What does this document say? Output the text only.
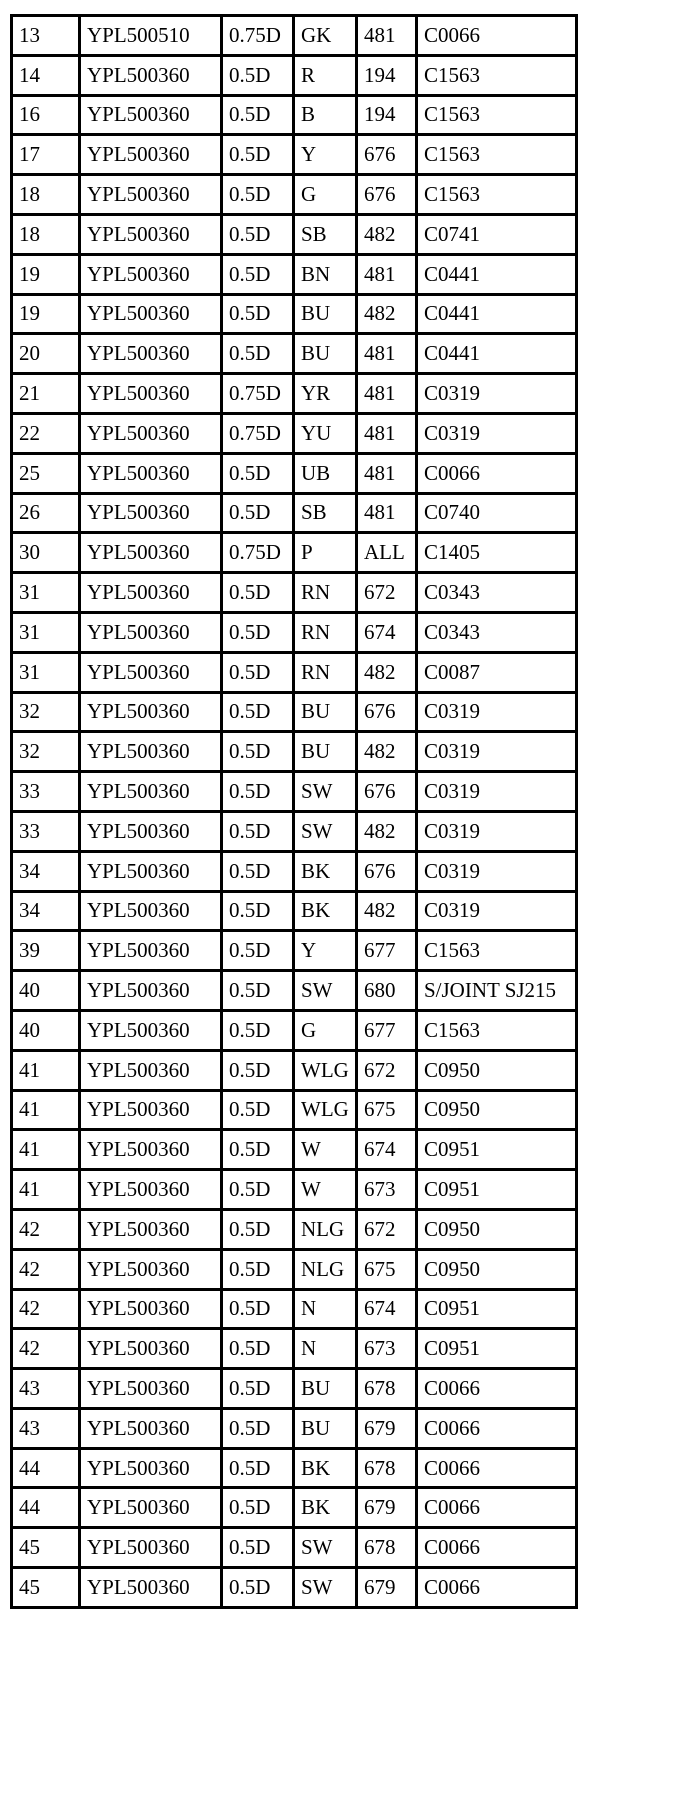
13	YPL500510	0.75D	GK	481	C0066
14	YPL500360	0.5D	R	194	C1563
16	YPL500360	0.5D	B	194	C1563
17	YPL500360	0.5D	Y	676	C1563
18	YPL500360	0.5D	G	676	C1563
18	YPL500360	0.5D	SB	482	C0741
19	YPL500360	0.5D	BN	481	C0441
19	YPL500360	0.5D	BU	482	C0441
20	YPL500360	0.5D	BU	481	C0441
21	YPL500360	0.75D	YR	481	C0319
22	YPL500360	0.75D	YU	481	C0319
25	YPL500360	0.5D	UB	481	C0066
26	YPL500360	0.5D	SB	481	C0740
30	YPL500360	0.75D	P	ALL	C1405
31	YPL500360	0.5D	RN	672	C0343
31	YPL500360	0.5D	RN	674	C0343
31	YPL500360	0.5D	RN	482	C0087
32	YPL500360	0.5D	BU	676	C0319
32	YPL500360	0.5D	BU	482	C0319
33	YPL500360	0.5D	SW	676	C0319
33	YPL500360	0.5D	SW	482	C0319
34	YPL500360	0.5D	BK	676	C0319
34	YPL500360	0.5D	BK	482	C0319
39	YPL500360	0.5D	Y	677	C1563
40	YPL500360	0.5D	SW	680	S/JOINT SJ215
40	YPL500360	0.5D	G	677	C1563
41	YPL500360	0.5D	WLG	672	C0950
41	YPL500360	0.5D	WLG	675	C0950
41	YPL500360	0.5D	W	674	C0951
41	YPL500360	0.5D	W	673	C0951
42	YPL500360	0.5D	NLG	672	C0950
42	YPL500360	0.5D	NLG	675	C0950
42	YPL500360	0.5D	N	674	C0951
42	YPL500360	0.5D	N	673	C0951
43	YPL500360	0.5D	BU	678	C0066
43	YPL500360	0.5D	BU	679	C0066
44	YPL500360	0.5D	BK	678	C0066
44	YPL500360	0.5D	BK	679	C0066
45	YPL500360	0.5D	SW	678	C0066
45	YPL500360	0.5D	SW	679	C0066
